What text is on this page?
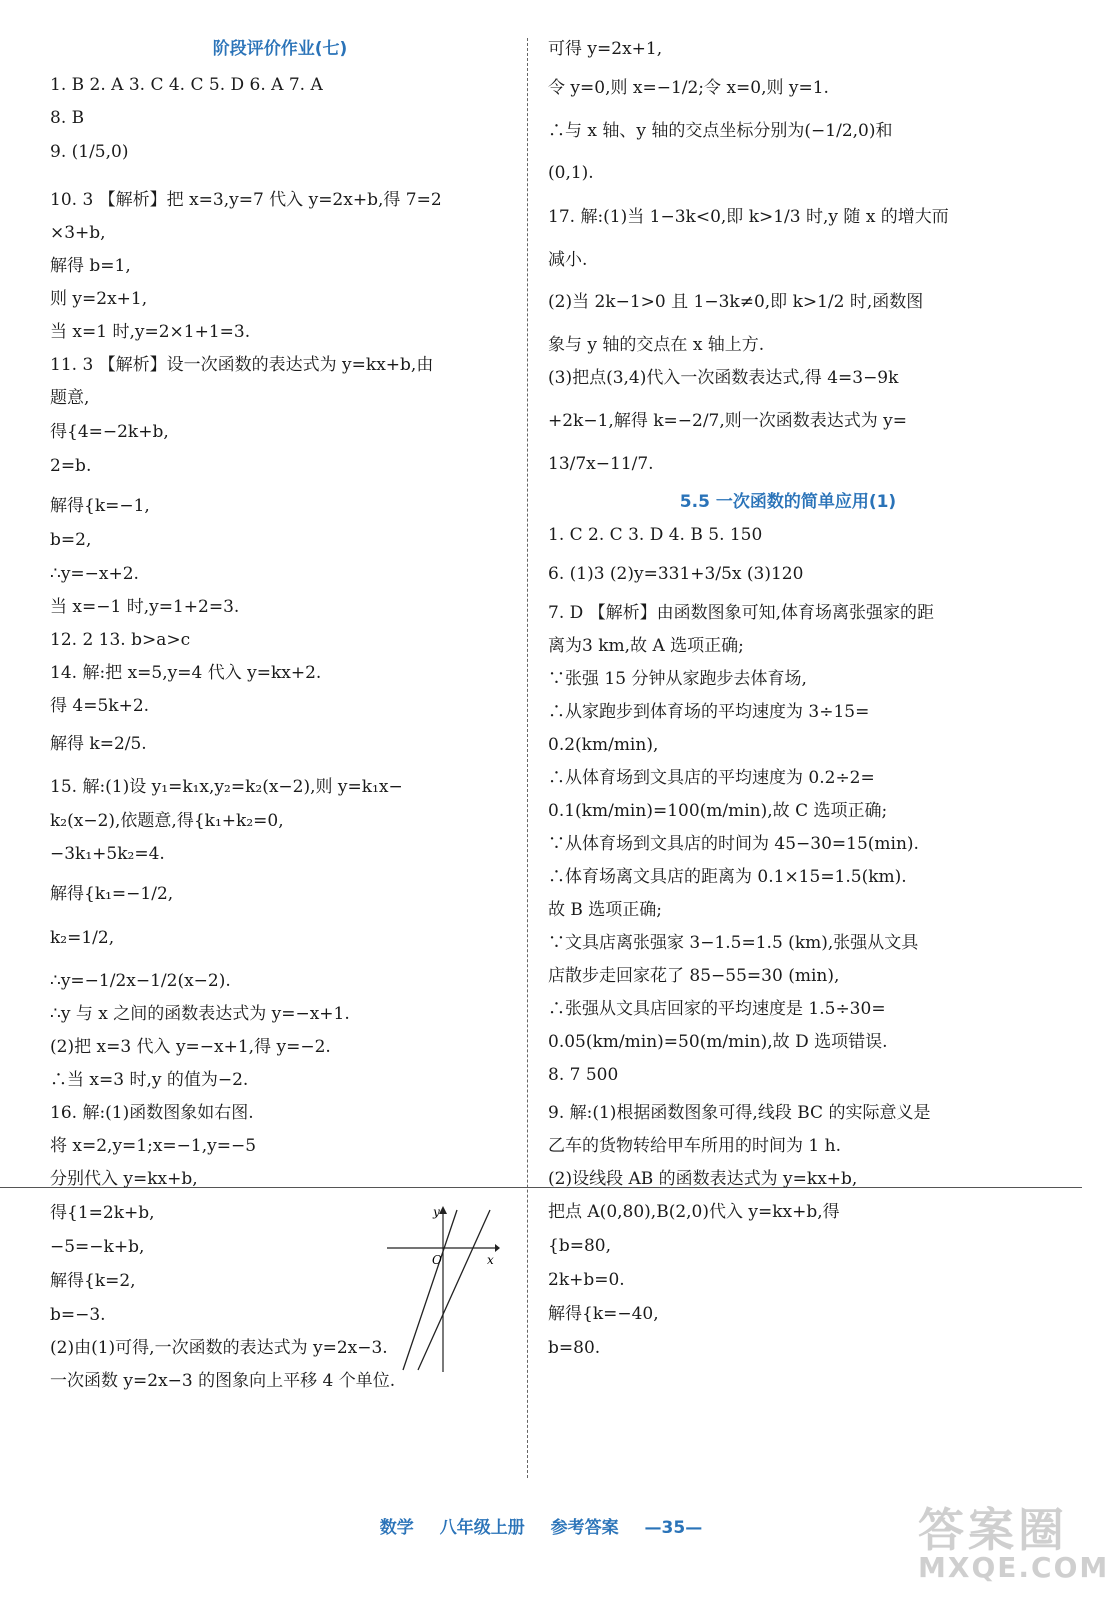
阶段评价作业(七)
1. B 2. A 3. C 4. C 5. D 6. A 7. A
8. B
9. (1/5,0)
10. 3 【解析】把 x=3,y=7 代入 y=2x+b,得 7=2
×3+b,
解得 b=1,
则 y=2x+1,
当 x=1 时,y=2×1+1=3.
11. 3 【解析】设一次函数的表达式为 y=kx+b,由
题意,
得{4=−2k+b,
2=b.
解得{k=−1,
b=2,
∴y=−x+2.
当 x=−1 时,y=1+2=3.
12. 2 13. b>a>c
14. 解:把 x=5,y=4 代入 y=kx+2.
得 4=5k+2.
解得 k=2/5.
15. 解:(1)设 y₁=k₁x,y₂=k₂(x−2),则 y=k₁x−
k₂(x−2),依题意,得{k₁+k₂=0,
−3k₁+5k₂=4.
解得{k₁=−1/2,
k₂=1/2,
∴y=−1/2x−1/2(x−2).
∴y 与 x 之间的函数表达式为 y=−x+1.
(2)把 x=3 代入 y=−x+1,得 y=−2.
∴当 x=3 时,y 的值为−2.
16. 解:(1)函数图象如右图.
将 x=2,y=1;x=−1,y=−5
分别代入 y=kx+b,
得{1=2k+b,
−5=−k+b,
解得{k=2,
b=−3.
(2)由(1)可得,一次函数的表达式为 y=2x−3.
一次函数 y=2x−3 的图象向上平移 4 个单位.
可得 y=2x+1,
令 y=0,则 x=−1/2;令 x=0,则 y=1.
∴与 x 轴、y 轴的交点坐标分别为(−1/2,0)和
(0,1).
17. 解:(1)当 1−3k<0,即 k>1/3 时,y 随 x 的增大而
减小.
(2)当 2k−1>0 且 1−3k≠0,即 k>1/2 时,函数图
象与 y 轴的交点在 x 轴上方.
(3)把点(3,4)代入一次函数表达式,得 4=3−9k
+2k−1,解得 k=−2/7,则一次函数表达式为 y=
13/7x−11/7.
5.5 一次函数的简单应用(1)
1. C 2. C 3. D 4. B 5. 150
6. (1)3 (2)y=331+3/5x (3)120
7. D 【解析】由函数图象可知,体育场离张强家的距
离为3 km,故 A 选项正确;
∵张强 15 分钟从家跑步去体育场,
∴从家跑步到体育场的平均速度为 3÷15=
0.2(km/min),
∴从体育场到文具店的平均速度为 0.2÷2=
0.1(km/min)=100(m/min),故 C 选项正确;
∵从体育场到文具店的时间为 45−30=15(min).
∴体育场离文具店的距离为 0.1×15=1.5(km).
故 B 选项正确;
∵文具店离张强家 3−1.5=1.5 (km),张强从文具
店散步走回家花了 85−55=30 (min),
∴张强从文具店回家的平均速度是 1.5÷30=
0.05(km/min)=50(m/min),故 D 选项错误.
8. 7 500
9. 解:(1)根据函数图象可得,线段 BC 的实际意义是
乙车的货物转给甲车所用的时间为 1 h.
(2)设线段 AB 的函数表达式为 y=kx+b,
把点 A(0,80),B(2,0)代入 y=kx+b,得
{b=80,
2k+b=0.
解得{k=−40,
b=80.
x
y
O
数学 八年级上册 参考答案 —35—	答案圈
MXQE.COM
